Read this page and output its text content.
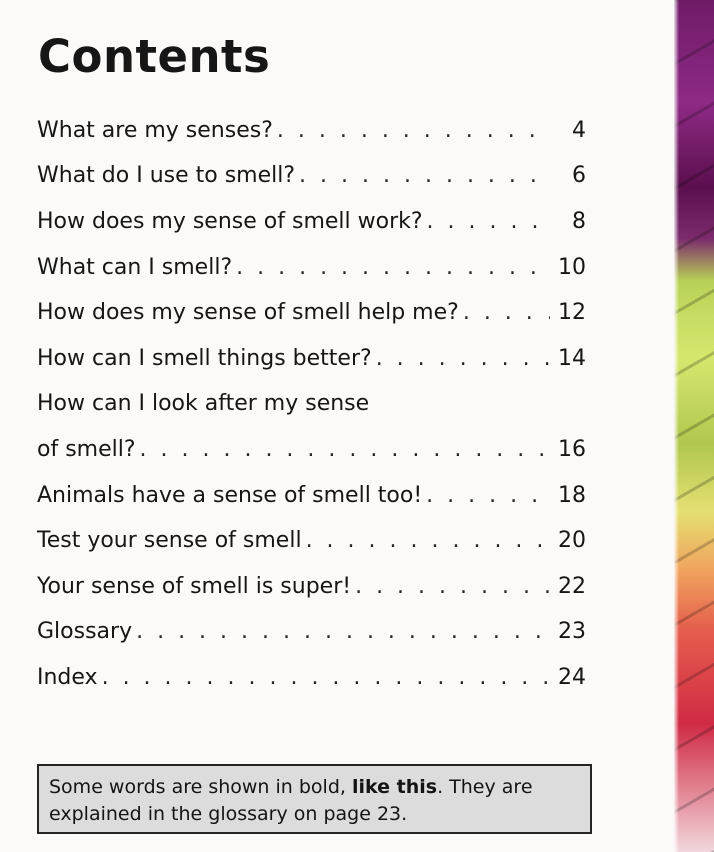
Contents
What are my senses? . . .	4
What do I use to smell? . . .	6
How does my sense of smell work? . . .	8
What can I smell? . . .	10
How does my sense of smell help me? . . .	12
How can I smell things better? . . .	14
How can I look after my sense
of smell? . . .	16
Animals have a sense of smell too! . . .	18
Test your sense of smell . . .	20
Your sense of smell is super! . . .	22
Glossary . . .	23
Index . . .	24
Some words are shown in bold, like this. They are explained in the glossary on page 23.
